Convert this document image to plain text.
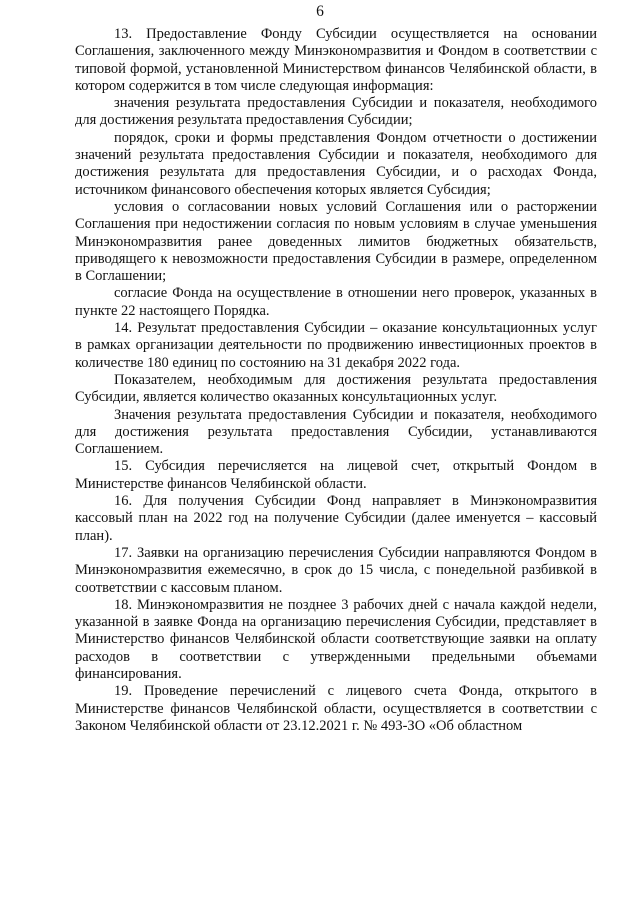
6

13. Предоставление Фонду Субсидии осуществляется на основании Соглашения, заключенного между Минэкономразвития и Фондом в соответствии с типовой формой, установленной Министерством финансов Челябинской области, в котором содержится в том числе следующая информация:

значения результата предоставления Субсидии и показателя, необходимого для достижения результата предоставления Субсидии;

порядок, сроки и формы представления Фондом отчетности о достижении значений результата предоставления Субсидии и показателя, необходимого для достижения результата для предоставления Субсидии, и о расходах Фонда, источником финансового обеспечения которых является Субсидия;

условия о согласовании новых условий Соглашения или о расторжении Соглашения при недостижении согласия по новым условиям в случае уменьшения Минэкономразвития ранее доведенных лимитов бюджетных обязательств, приводящего к невозможности предоставления Субсидии в размере, определенном в Соглашении;

согласие Фонда на осуществление в отношении него проверок, указанных в пункте 22 настоящего Порядка.

14. Результат предоставления Субсидии – оказание консультационных услуг в рамках организации деятельности по продвижению инвестиционных проектов в количестве 180 единиц по состоянию на 31 декабря 2022 года.

Показателем, необходимым для достижения результата предоставления Субсидии, является количество оказанных консультационных услуг.

Значения результата предоставления Субсидии и показателя, необходимого для достижения результата предоставления Субсидии, устанавливаются Соглашением.

15. Субсидия перечисляется на лицевой счет, открытый Фондом в Министерстве финансов Челябинской области.

16. Для получения Субсидии Фонд направляет в Минэкономразвития кассовый план на 2022 год на получение Субсидии (далее именуется – кассовый план).

17. Заявки на организацию перечисления Субсидии направляются Фондом в Минэкономразвития ежемесячно, в срок до 15 числа, с понедельной разбивкой в соответствии с кассовым планом.

18. Минэкономразвития не позднее 3 рабочих дней с начала каждой недели, указанной в заявке Фонда на организацию перечисления Субсидии, представляет в Министерство финансов Челябинской области соответствующие заявки на оплату расходов в соответствии с утвержденными предельными объемами финансирования.

19. Проведение перечислений с лицевого счета Фонда, открытого в Министерстве финансов Челябинской области, осуществляется в соответствии с Законом Челябинской области от 23.12.2021 г. № 493-ЗО «Об областном
